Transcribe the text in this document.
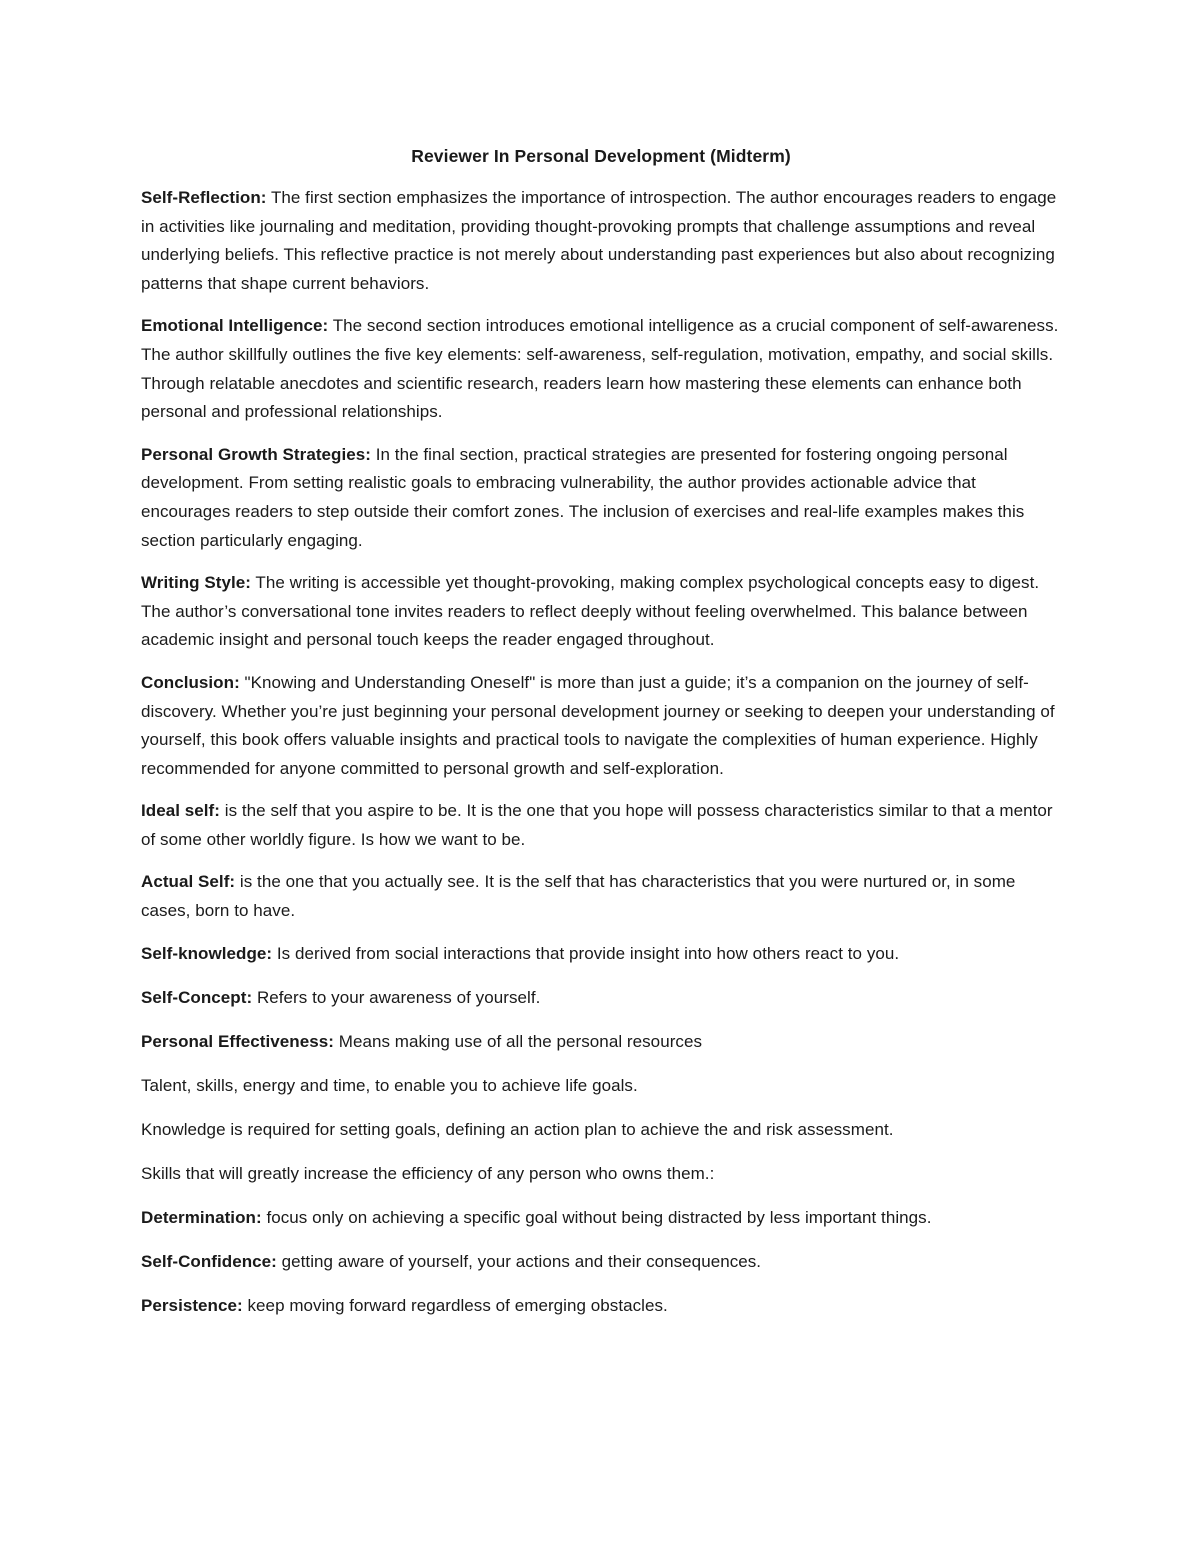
Reviewer In Personal Development (Midterm)

Self-Reflection: The first section emphasizes the importance of introspection. The author encourages readers to engage in activities like journaling and meditation, providing thought-provoking prompts that challenge assumptions and reveal underlying beliefs. This reflective practice is not merely about understanding past experiences but also about recognizing patterns that shape current behaviors.

Emotional Intelligence: The second section introduces emotional intelligence as a crucial component of self-awareness. The author skillfully outlines the five key elements: self-awareness, self-regulation, motivation, empathy, and social skills. Through relatable anecdotes and scientific research, readers learn how mastering these elements can enhance both personal and professional relationships.

Personal Growth Strategies: In the final section, practical strategies are presented for fostering ongoing personal development. From setting realistic goals to embracing vulnerability, the author provides actionable advice that encourages readers to step outside their comfort zones. The inclusion of exercises and real-life examples makes this section particularly engaging.

Writing Style: The writing is accessible yet thought-provoking, making complex psychological concepts easy to digest. The author’s conversational tone invites readers to reflect deeply without feeling overwhelmed. This balance between academic insight and personal touch keeps the reader engaged throughout.

Conclusion: "Knowing and Understanding Oneself" is more than just a guide; it’s a companion on the journey of self-discovery. Whether you’re just beginning your personal development journey or seeking to deepen your understanding of yourself, this book offers valuable insights and practical tools to navigate the complexities of human experience. Highly recommended for anyone committed to personal growth and self-exploration.

Ideal self: is the self that you aspire to be. It is the one that you hope will possess characteristics similar to that a mentor of some other worldly figure. Is how we want to be.

Actual Self: is the one that you actually see. It is the self that has characteristics that you were nurtured or, in some cases, born to have.

Self-knowledge: Is derived from social interactions that provide insight into how others react to you.

Self-Concept: Refers to your awareness of yourself.

Personal Effectiveness: Means making use of all the personal resources

Talent, skills, energy and time, to enable you to achieve life goals.

Knowledge is required for setting goals, defining an action plan to achieve the and risk assessment.

Skills that will greatly increase the efficiency of any person who owns them.:

Determination: focus only on achieving a specific goal without being distracted by less important things.

Self-Confidence: getting aware of yourself, your actions and their consequences.

Persistence: keep moving forward regardless of emerging obstacles.
